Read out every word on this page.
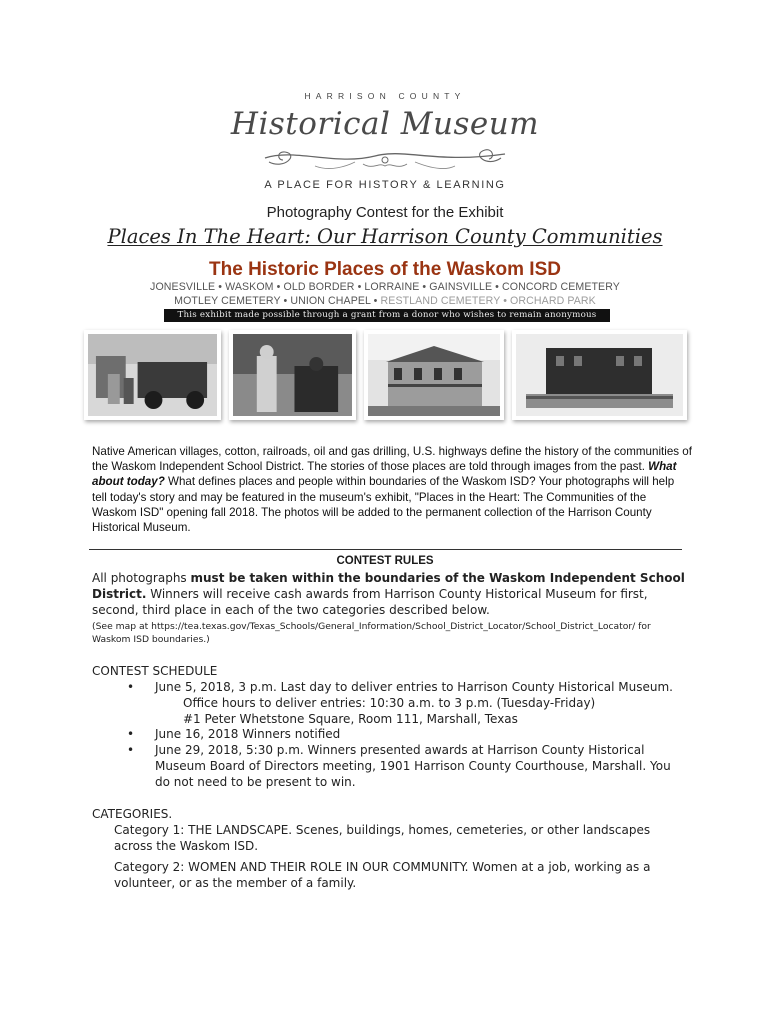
HARRISON COUNTY
Historical Museum
A PLACE FOR HISTORY & LEARNING
Photography Contest for the Exhibit
Places In The Heart: Our Harrison County Communities
The Historic Places of the Waskom ISD
JONESVILLE • WASKOM • OLD BORDER • LORRAINE • GAINSVILLE • CONCORD CEMETERY
MOTLEY CEMETERY • UNION CHAPEL • RESTLAND CEMETERY • ORCHARD PARK
This exhibit made possible through a grant from a donor who wishes to remain anonymous
Native American villages, cotton, railroads, oil and gas drilling, U.S. highways define the history of the communities of the Waskom Independent School District. The stories of those places are told through images from the past. What about today? What defines places and people within boundaries of the Waskom ISD? Your photographs will help tell today's story and may be featured in the museum's exhibit, "Places in the Heart: The Communities of the Waskom ISD" opening fall 2018. The photos will be added to the permanent collection of the Harrison County Historical Museum.
CONTEST RULES
All photographs must be taken within the boundaries of the Waskom Independent School District. Winners will receive cash awards from Harrison County Historical Museum for first, second, third place in each of the two categories described below.
(See map at https://tea.texas.gov/Texas_Schools/General_Information/School_District_Locator/School_District_Locator/ for Waskom ISD boundaries.)
CONTEST SCHEDULE
• June 5, 2018, 3 p.m. Last day to deliver entries to Harrison County Historical Museum.
Office hours to deliver entries: 10:30 a.m. to 3 p.m. (Tuesday-Friday)
#1 Peter Whetstone Square, Room 111, Marshall, Texas
• June 16, 2018 Winners notified
• June 29, 2018, 5:30 p.m. Winners presented awards at Harrison County Historical Museum Board of Directors meeting, 1901 Harrison County Courthouse, Marshall. You do not need to be present to win.
CATEGORIES.
Category 1: THE LANDSCAPE. Scenes, buildings, homes, cemeteries, or other landscapes across the Waskom ISD.
Category 2: WOMEN AND THEIR ROLE IN OUR COMMUNITY. Women at a job, working as a volunteer, or as the member of a family.
